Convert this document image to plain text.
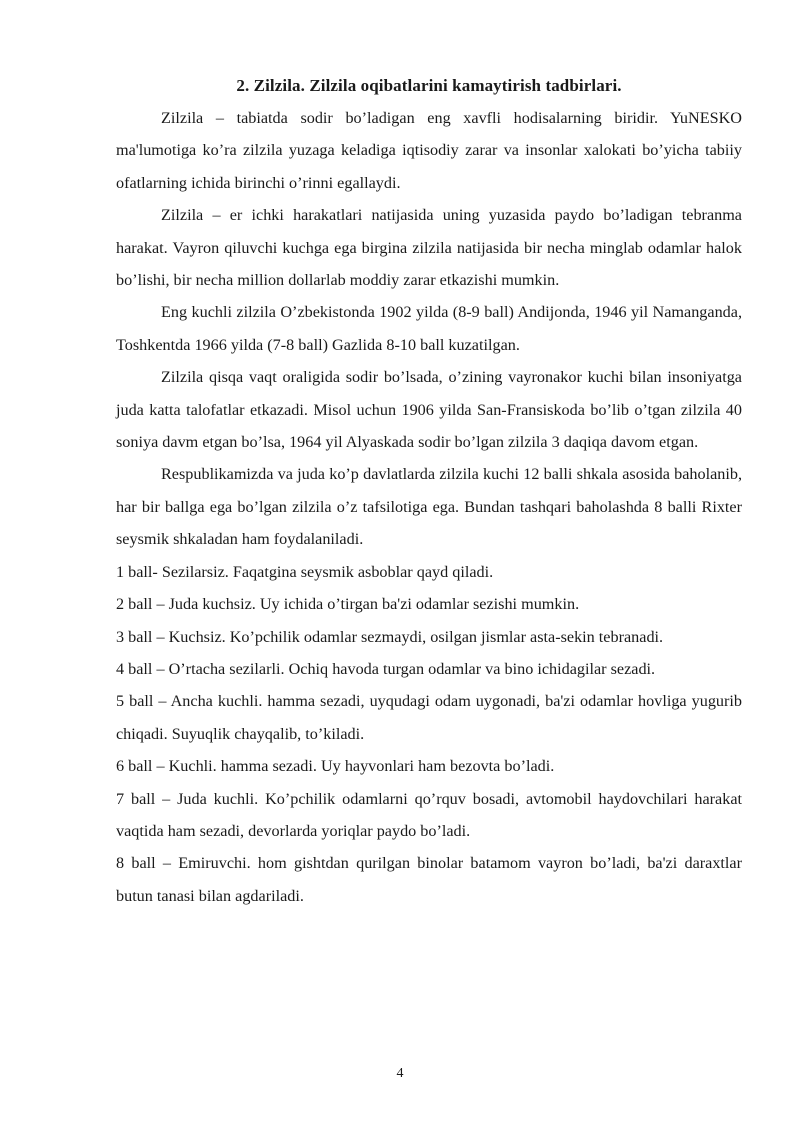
2. Zilzila. Zilzila oqibatlarini kamaytirish tadbirlari.

Zilzila – tabiatda sodir bo’ladigan eng xavfli hodisalarning biridir. YuNESKO ma'lumotiga ko’ra zilzila yuzaga keladiga iqtisodiy zarar va insonlar xalokati bo’yicha tabiiy ofatlarning ichida birinchi o’rinni egallaydi.

Zilzila – er ichki harakatlari natijasida uning yuzasida paydo bo’ladigan tebranma harakat. Vayron qiluvchi kuchga ega birgina zilzila natijasida bir necha minglab odamlar halok bo’lishi, bir necha million dollarlab moddiy zarar etkazishi mumkin.

Eng kuchli zilzila O’zbekistonda 1902 yilda (8-9 ball) Andijonda, 1946 yil Namanganda, Toshkentda 1966 yilda (7-8 ball) Gazlida 8-10 ball kuzatilgan.

Zilzila qisqa vaqt oraligida sodir bo’lsada, o’zining vayronakor kuchi bilan insoniyatga juda katta talofatlar etkazadi. Misol uchun 1906 yilda San-Fransiskoda bo’lib o’tgan zilzila 40 soniya davm etgan bo’lsa, 1964 yil Alyaskada sodir bo’lgan zilzila 3 daqiqa davom etgan.

Respublikamizda va juda ko’p davlatlarda zilzila kuchi 12 balli shkala asosida baholanib, har bir ballga ega bo’lgan zilzila o’z tafsilotiga ega. Bundan tashqari baholashda 8 balli Rixter seysmik shkaladan ham foydalaniladi.

1 ball- Sezilarsiz. Faqatgina seysmik asboblar qayd qiladi.

2 ball – Juda kuchsiz. Uy ichida o’tirgan ba'zi odamlar sezishi mumkin.

3 ball – Kuchsiz. Ko’pchilik odamlar sezmaydi, osilgan jismlar asta-sekin tebranadi.

4 ball – O’rtacha sezilarli. Ochiq havoda turgan odamlar va bino ichidagilar sezadi.

5 ball – Ancha kuchli. hamma sezadi, uyqudagi odam uygonadi, ba'zi odamlar hovliga yugurib chiqadi. Suyuqlik chayqalib, to’kiladi.

6 ball – Kuchli. hamma sezadi. Uy hayvonlari ham bezovta bo’ladi.

7 ball – Juda kuchli. Ko’pchilik odamlarni qo’rquv bosadi, avtomobil haydovchilari harakat vaqtida ham sezadi, devorlarda yoriqlar paydo bo’ladi.

8 ball – Emiruvchi. hom gishtdan qurilgan binolar batamom vayron bo’ladi, ba'zi daraxtlar butun tanasi bilan agdariladi.

4
